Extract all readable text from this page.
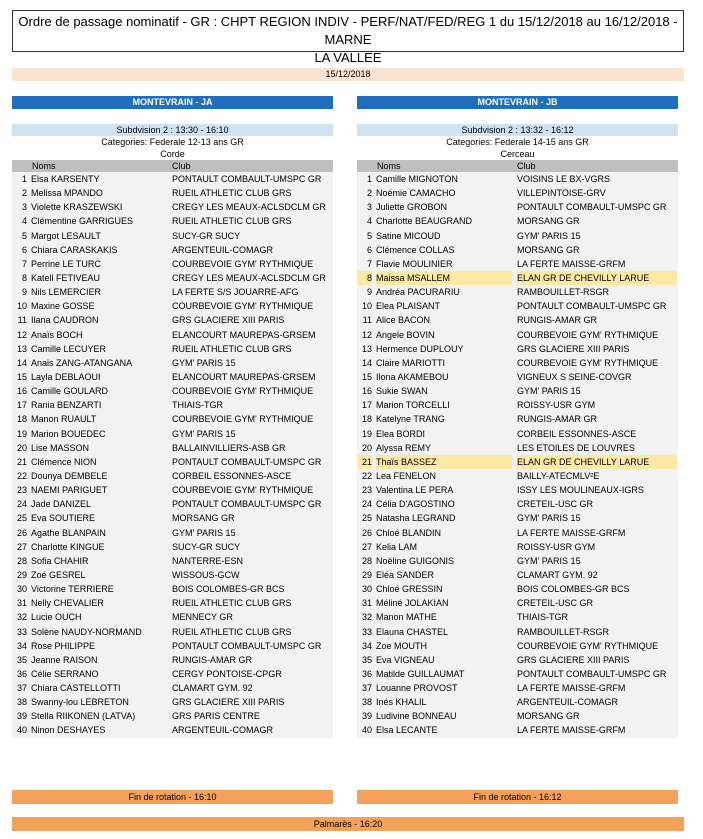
Ordre de passage nominatif - GR : CHPT REGION INDIV - PERF/NAT/FED/REG 1 du 15/12/2018 au 16/12/2018 - MARNE
LA VALLEE
15/12/2018
MONTEVRAIN - JA
Subdvision 2 : 13:30 - 16:10
Categories: Federale 12-13 ans GR
Corde
Noms	Club
1 Elsa KARSENTY	PONTAULT COMBAULT-UMSPC GR
2 Melissa MPANDO	RUEIL ATHLETIC CLUB GRS
3 Violette KRASZEWSKI	CREGY LES MEAUX-ACLSDCLM GR
4 Clémentine GARRIGUES	RUEIL ATHLETIC CLUB GRS
5 Margot LESAULT	SUCY-GR SUCY
6 Chiara CARASKAKIS	ARGENTEUIL-COMAGR
7 Perrine LE TURC	COURBEVOIE GYM' RYTHMIQUE
8 Katell FETIVEAU	CREGY LES MEAUX-ACLSDCLM GR
9 Nils LEMERCIER	LA FERTE S/S JOUARRE-AFG
10 Maxine GOSSE	COURBEVOIE GYM' RYTHMIQUE
11 Ilana CAUDRON	GRS GLACIERE XIII PARIS
12 Anaïs BOCH	ELANCOURT MAUREPAS-GRSEM
13 Camille LECUYER	RUEIL ATHLETIC CLUB GRS
14 Anais ZANG-ATANGANA	GYM' PARIS 15
15 Layla DEBLAOUI	ELANCOURT MAUREPAS-GRSEM
16 Camille GOULARD	COURBEVOIE GYM' RYTHMIQUE
17 Rania BENZARTI	THIAIS-TGR
18 Manon RUAULT	COURBEVOIE GYM' RYTHMIQUE
19 Marion BOUEDEC	GYM' PARIS 15
20 Lise MASSON	BALLAINVILLIERS-ASB GR
21 Clémence NION	PONTAULT COMBAULT-UMSPC GR
22 Dounya DEMBELE	CORBEIL ESSONNES-ASCE
23 NAEMI PARIGUET	COURBEVOIE GYM' RYTHMIQUE
24 Jade DANIZEL	PONTAULT COMBAULT-UMSPC GR
25 Eva SOUTIERE	MORSANG GR
26 Agathe BLANPAIN	GYM' PARIS 15
27 Charlotte KINGUE	SUCY-GR SUCY
28 Sofia CHAHIR	NANTERRE-ESN
29 Zoé GESREL	WISSOUS-GCW
30 Victorine TERRIERE	BOIS COLOMBES-GR BCS
31 Nelly CHEVALIER	RUEIL ATHLETIC CLUB GRS
32 Lucie OUCH	MENNECY GR
33 Solène NAUDY-NORMAND	RUEIL ATHLETIC CLUB GRS
34 Rose PHILIPPE	PONTAULT COMBAULT-UMSPC GR
35 Jeanne RAISON	RUNGIS-AMAR GR
36 Célie SERRANO	CERGY PONTOISE-CPGR
37 Chiara CASTELLOTTI	CLAMART GYM. 92
38 Swanny-lou LEBRETON	GRS GLACIERE XIII PARIS
39 Stella RIIKONEN (LATVA)	GRS PARIS CENTRE
40 Ninon DESHAYES	ARGENTEUIL-COMAGR
MONTEVRAIN - JB
Subdvision 2 : 13:32 - 16:12
Categories: Federale 14-15 ans GR
Cerceau
Noms	Club
1 Camille MIGNOTON	VOISINS LE BX-VGRS
2 Noémie CAMACHO	VILLEPINTOISE-GRV
3 Juliette GROBON	PONTAULT COMBAULT-UMSPC GR
4 Charlotte BEAUGRAND	MORSANG GR
5 Satine MICOUD	GYM' PARIS 15
6 Clémence COLLAS	MORSANG GR
7 Flavie MOULINIER	LA FERTE MAISSE-GRFM
8 Maissa MSALLEM	ELAN GR DE CHEVILLY LARUE
9 Andréa PACURARIU	RAMBOUILLET-RSGR
10 Elea PLAISANT	PONTAULT COMBAULT-UMSPC GR
11 Alice BACON	RUNGIS-AMAR GR
12 Angele BOVIN	COURBEVOIE GYM' RYTHMIQUE
13 Hermence DUPLOUY	GRS GLACIERE XIII PARIS
14 Claire MARIOTTI	COURBEVOIE GYM' RYTHMIQUE
15 Ilona AKAMEBOU	VIGNEUX S SEINE-COVGR
16 Sukie SWAN	GYM' PARIS 15
17 Marion TORCELLI	ROISSY-USR GYM
18 Katelyne TRANG	RUNGIS-AMAR GR
19 Elea BORDI	CORBEIL ESSONNES-ASCE
20 Alyssa REMY	LES ETOILES DE LOUVRES
21 Thaïs BASSEZ	ELAN GR DE CHEVILLY LARUE
22 Lea FENELON	BAILLY-ATECMLV²E
23 Valentina LE PERA	ISSY LES MOULINEAUX-IGRS
24 Célia D'AGOSTINO	CRETEIL-USC GR
25 Natasha LEGRAND	GYM' PARIS 15
26 Chloé BLANDIN	LA FERTE MAISSE-GRFM
27 Kelia LAM	ROISSY-USR GYM
28 Noëline GUIGONIS	GYM' PARIS 15
29 Eléa SANDER	CLAMART GYM. 92
30 Chloé GRESSIN	BOIS COLOMBES-GR BCS
31 Méliné JOLAKIAN	CRETEIL-USC GR
32 Manon MATHE	THIAIS-TGR
33 Elauna CHASTEL	RAMBOUILLET-RSGR
34 Zoe MOUTH	COURBEVOIE GYM' RYTHMIQUE
35 Eva VIGNEAU	GRS GLACIERE XIII PARIS
36 Matilde GUILLAUMAT	PONTAULT COMBAULT-UMSPC GR
37 Louanne PROVOST	LA FERTE MAISSE-GRFM
38 Inés KHALIL	ARGENTEUIL-COMAGR
39 Ludivine BONNEAU	MORSANG GR
40 Elsa LECANTE	LA FERTE MAISSE-GRFM
Fin de rotation - 16:10	Fin de rotation - 16:12
Palmarès - 16:20
